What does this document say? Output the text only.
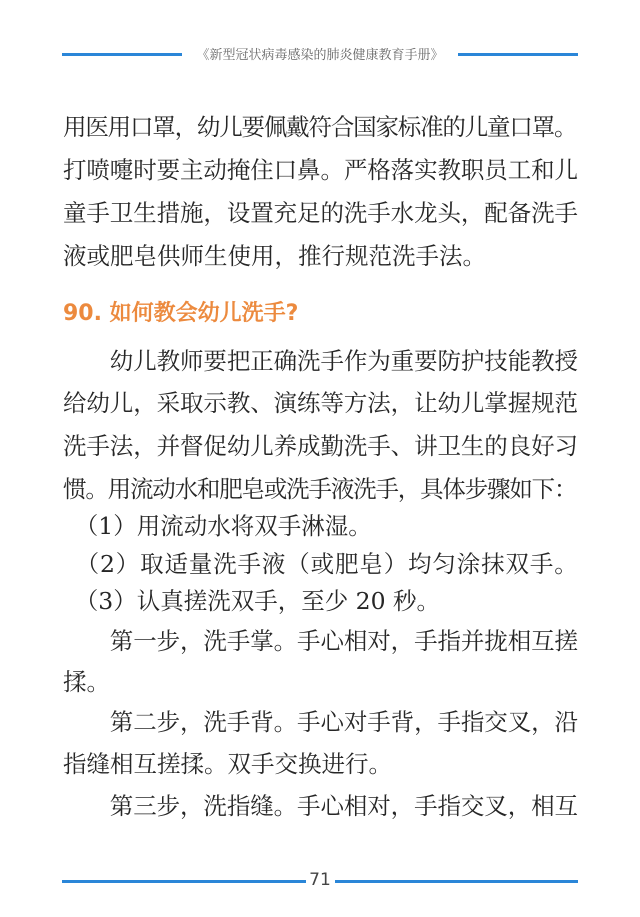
《新型冠状病毒感染的肺炎健康教育手册》
用医用口罩，幼儿要佩戴符合国家标准的儿童口罩。
打喷嚏时要主动掩住口鼻。严格落实教职员工和儿
童手卫生措施，设置充足的洗手水龙头，配备洗手
液或肥皂供师生使用，推行规范洗手法。
90. 如何教会幼儿洗手?
　　幼儿教师要把正确洗手作为重要防护技能教授
给幼儿，采取示教、演练等方法，让幼儿掌握规范
洗手法，并督促幼儿养成勤洗手、讲卫生的良好习
惯。用流动水和肥皂或洗手液洗手，具体步骤如下：
　（1）用流动水将双手淋湿。
　（2）取适量洗手液（或肥皂）均匀涂抹双手。
　（3）认真搓洗双手，至少 20 秒。
　　第一步，洗手掌。手心相对，手指并拢相互搓
揉。
　　第二步，洗手背。手心对手背，手指交叉，沿
指缝相互搓揉。双手交换进行。
　　第三步，洗指缝。手心相对，手指交叉，相互
71
